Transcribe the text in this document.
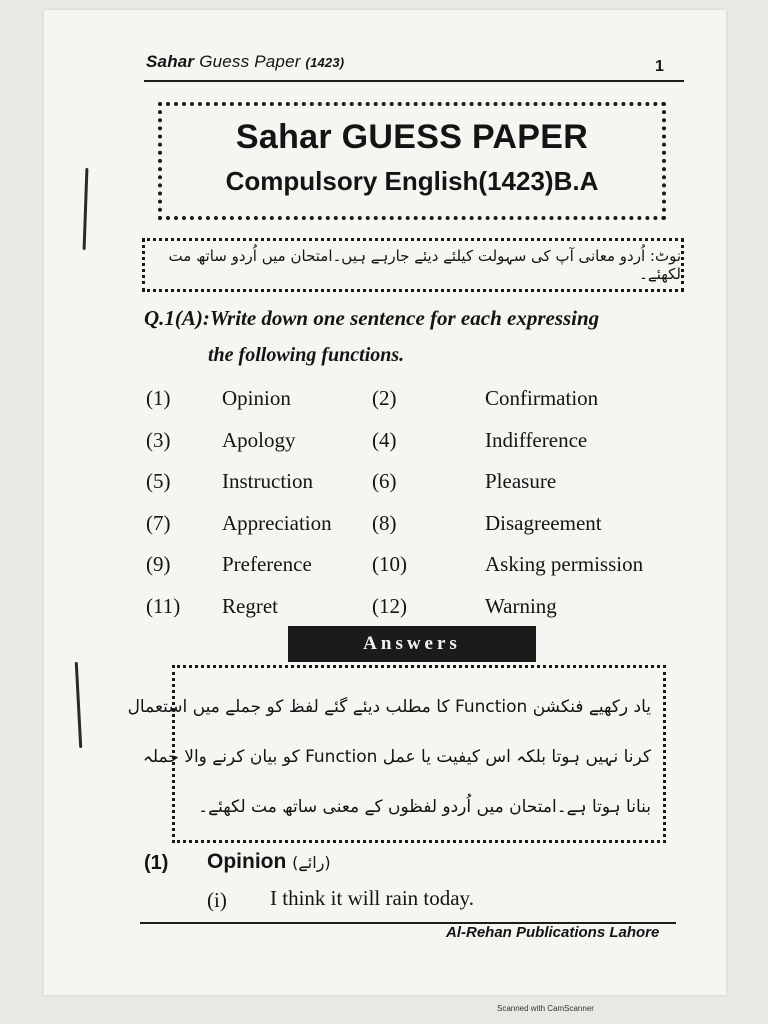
Sahar Guess Paper (1423)	1
Sahar GUESS PAPER
Compulsory English(1423)B.A
نوٹ: اُردو معانی آپ کی سہولت کیلئے دیئے جارہے ہیں۔امتحان میں اُردو ساتھ مت لکھئے۔
Q.1(A):Write down one sentence for each expressing
the following functions.
(1) Opinion	(2)	Confirmation
(3) Apology	(4)	Indifference
(5) Instruction	(6)	Pleasure
(7) Appreciation (8)	Disagreement
(9) Preference	(10)	Asking permission
(11) Regret	(12)	Warning
Answers
یاد رکھیے فنکشن Function کا مطلب دیئے گئے لفظ کو جملے میں استعمال
کرنا نہیں ہوتا بلکہ اس کیفیت یا عمل Function کو بیان کرنے والا جملہ
بنانا ہوتا ہے۔امتحان میں اُردو لفظوں کے معنی ساتھ مت لکھئے۔
(1) Opinion (رائے)
(i) I think it will rain today.
Al-Rehan Publications Lahore
Scanned with CamScanner
